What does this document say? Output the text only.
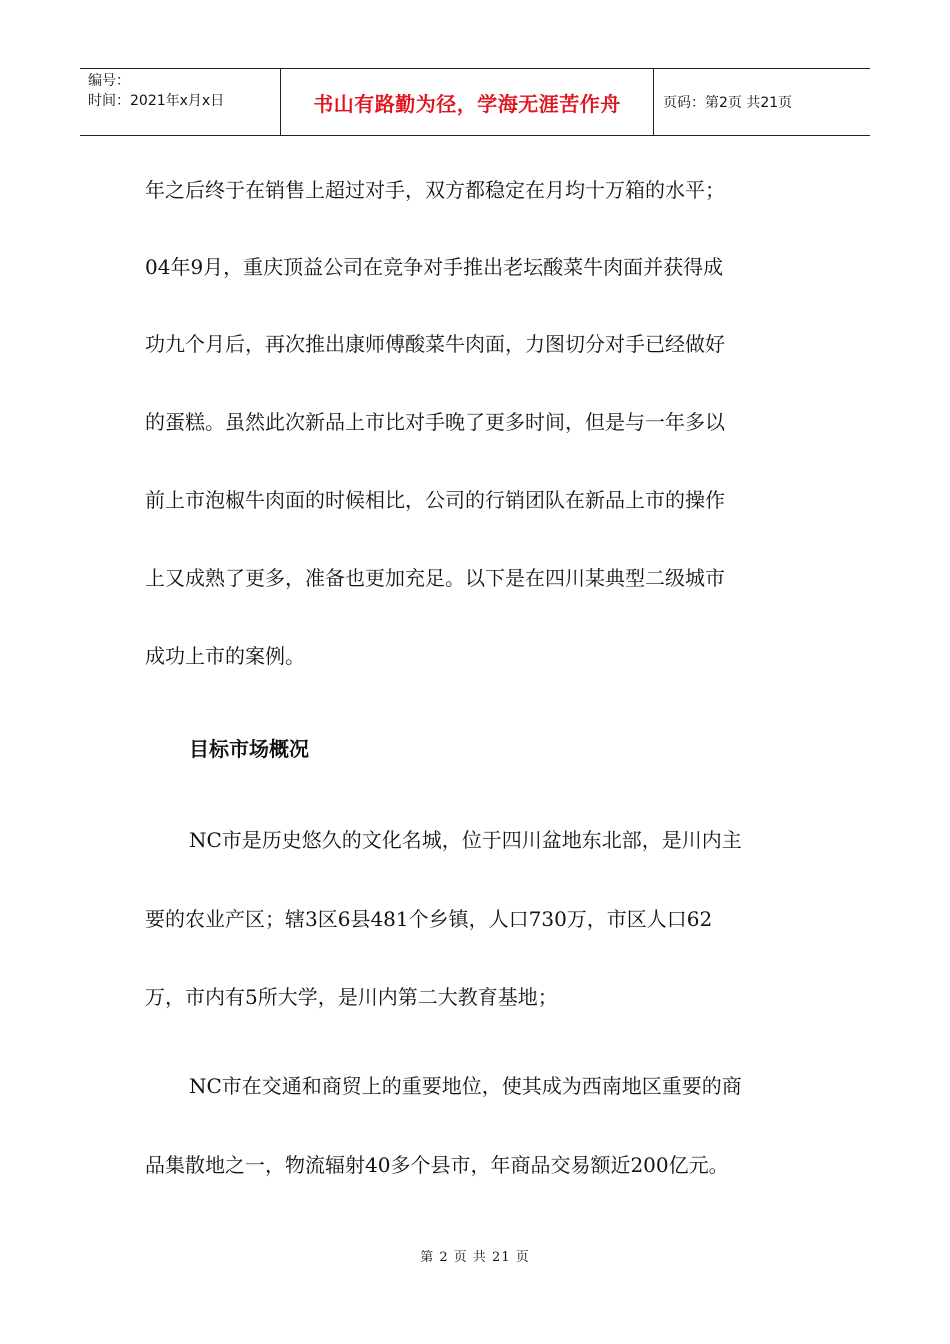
编号：
时间：2021年x月x日	书山有路勤为径，学海无涯苦作舟	页码：第2页 共21页
年之后终于在销售上超过对手，双方都稳定在月均十万箱的水平；
04年9月，重庆顶益公司在竞争对手推出老坛酸菜牛肉面并获得成
功九个月后，再次推出康师傅酸菜牛肉面，力图切分对手已经做好
的蛋糕。虽然此次新品上市比对手晚了更多时间，但是与一年多以
前上市泡椒牛肉面的时候相比，公司的行销团队在新品上市的操作
上又成熟了更多，准备也更加充足。以下是在四川某典型二级城市
成功上市的案例。
目标市场概况
NC市是历史悠久的文化名城，位于四川盆地东北部，是川内主
要的农业产区；辖3区6县481个乡镇，人口730万，市区人口62
万，市内有5所大学，是川内第二大教育基地；
NC市在交通和商贸上的重要地位，使其成为西南地区重要的商
品集散地之一，物流辐射40多个县市，年商品交易额近200亿元。
第 2 页 共 21 页
